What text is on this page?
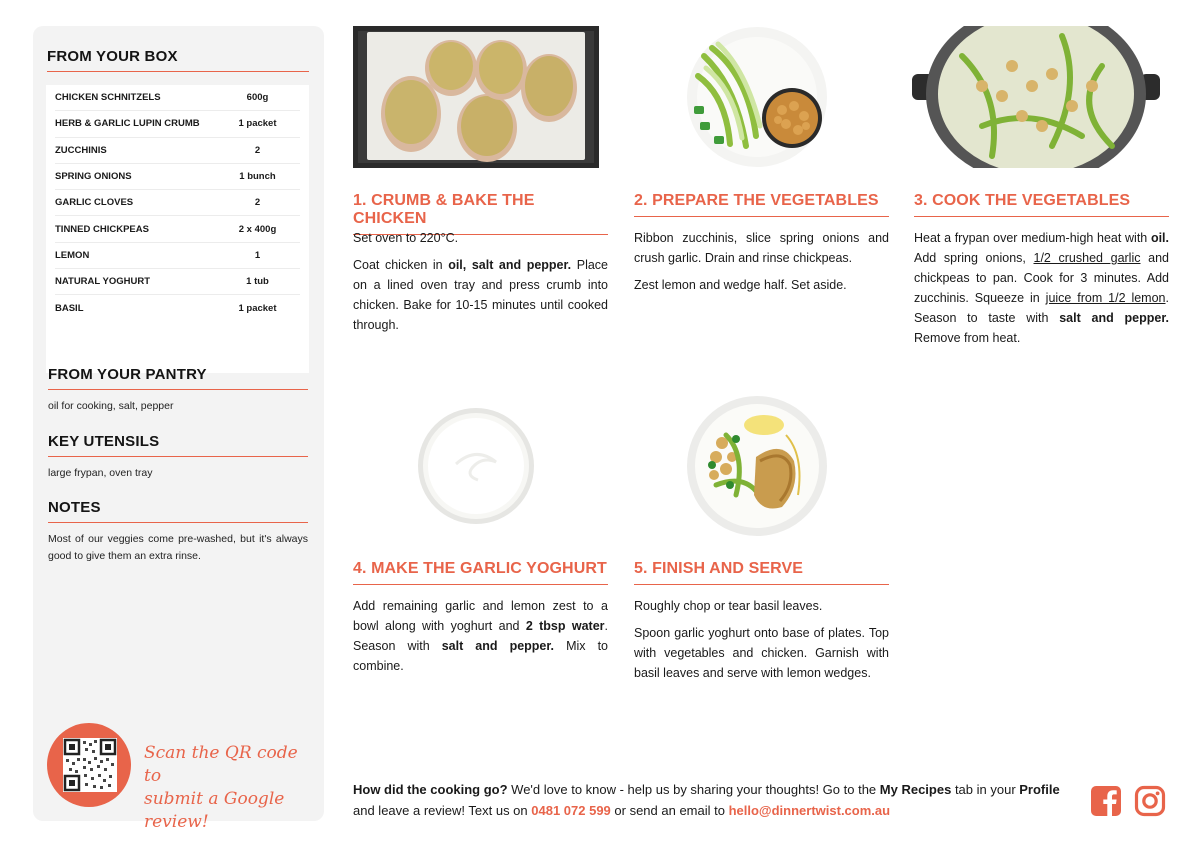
FROM YOUR BOX
CHICKEN SCHNITZELS	600g
HERB & GARLIC LUPIN CRUMB	1 packet
ZUCCHINIS	2
SPRING ONIONS	1 bunch
GARLIC CLOVES	2
TINNED CHICKPEAS	2 x 400g
LEMON	1
NATURAL YOGHURT	1 tub
BASIL	1 packet
FROM YOUR PANTRY
oil for cooking, salt, pepper
KEY UTENSILS
large frypan, oven tray
NOTES
Most of our veggies come pre-washed, but it's always good to give them an extra rinse.
Scan the QR code to
submit a Google review!
1. CRUMB & BAKE THE CHICKEN

Set oven to 220°C.

Coat chicken in oil, salt and pepper. Place on a lined oven tray and press crumb into chicken. Bake for 10-15 minutes until cooked through.

2. PREPARE THE VEGETABLES

Ribbon zucchinis, slice spring onions and crush garlic. Drain and rinse chickpeas.

Zest lemon and wedge half. Set aside.

3. COOK THE VEGETABLES

Heat a frypan over medium-high heat with oil. Add spring onions, 1/2 crushed garlic and chickpeas to pan. Cook for 3 minutes. Add zucchinis. Squeeze in juice from 1/2 lemon. Season to taste with salt and pepper. Remove from heat.

4. MAKE THE GARLIC YOGHURT

Add remaining garlic and lemon zest to a bowl along with yoghurt and 2 tbsp water. Season with salt and pepper. Mix to combine.

5. FINISH AND SERVE

Roughly chop or tear basil leaves.

Spoon garlic yoghurt onto base of plates. Top with vegetables and chicken. Garnish with basil leaves and serve with lemon wedges.

How did the cooking go? We'd love to know - help us by sharing your thoughts! Go to the My Recipes tab in your Profile and leave a review! Text us on 0481 072 599 or send an email to hello@dinnertwist.com.au
